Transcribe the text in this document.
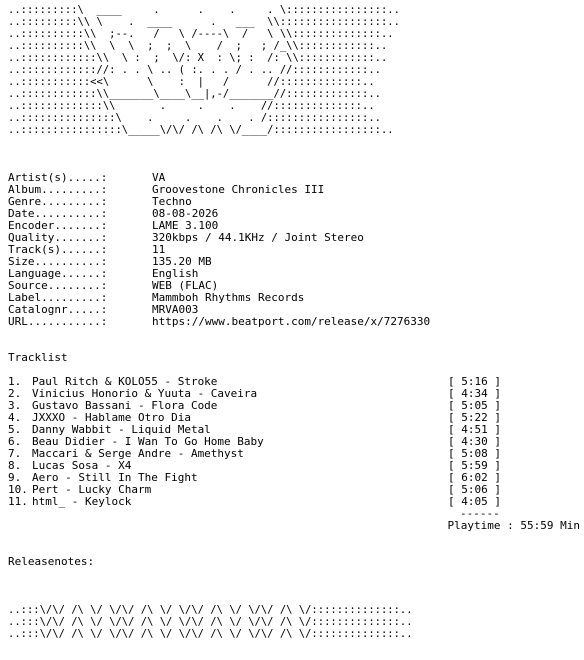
..:::::::::\  ____     .      .    .     . \::::::::::::::::..
..:::::::::\\ \    .  ____      .   ___  \\:::::::::::::::::..
..::::::::::\\  ;--.   /   \ /----\  /   \ \\::::::::::::::..
..::::::::::\\  \  \  ;  ;  \    /  ;   ; /_\\::::::::::::..
..::::::::::::\\  \ :  ;  \/: X  : \; :  /: \\::::::::::::..
..:::::::::::://: . . \ .. ( :. . . / . .. //::::::::::::..
..:::::::::::<<\      \    :  |   /      //:::::::::::::..
..::::::::::::\\_______\____\__|,-/_______//:::::::::::::..
..:::::::::::::\\       .     .    .    //::::::::::::::..
..:::::::::::::::\    .     .    .    . /::::::::::::::::..
..::::::::::::::::\_____\/\/ /\ /\ \/____/:::::::::::::::::..
Artist(s).....:	VA
Album.........:	Groovestone Chronicles III
Genre.........:	Techno
Date..........:	08-08-2026
Encoder.......:	LAME 3.100
Quality.......:	320kbps / 44.1KHz / Joint Stereo
Track(s)......:	11
Size..........:	135.20 MB
Language......:	English
Source........:	WEB (FLAC)
Label.........:	Mammboh Rhythms Records
Catalognr.....:	MRVA003
URL...........:	https://www.beatport.com/release/x/7276330
Tracklist
1. Paul Ritch & KOLO55 - Stroke	[ 5:16 ]
2. Vinicius Honorio & Yuuta - Caveira	[ 4:34 ]
3. Gustavo Bassani - Flora Code	[ 5:05 ]
4. JXXXO - Hablame Otro Dia	[ 5:22 ]
5. Danny Wabbit - Liquid Metal	[ 4:51 ]
6. Beau Didier - I Wan To Go Home Baby	[ 4:30 ]
7. Maccari & Serge Andre - Amethyst	[ 5:08 ]
8. Lucas Sosa - X4	[ 5:59 ]
9. Aero - Still In The Fight	[ 6:02 ]
10. Pert - Lucky Charm	[ 5:06 ]
11. html_ - Keylock	[ 4:05 ]
------
Playtime : 55:59 Min
Releasenotes:
..:::\/\/ /\ \/ \/\/ /\ \/ \/\/ /\ \/ \/\/ /\ \/::::::::::::::..
..:::\/\/ /\ \/ \/\/ /\ \/ \/\/ /\ \/ \/\/ /\ \/::::::::::::::..
..:::\/\/ /\ \/ \/\/ /\ \/ \/\/ /\ \/ \/\/ /\ \/::::::::::::::..
